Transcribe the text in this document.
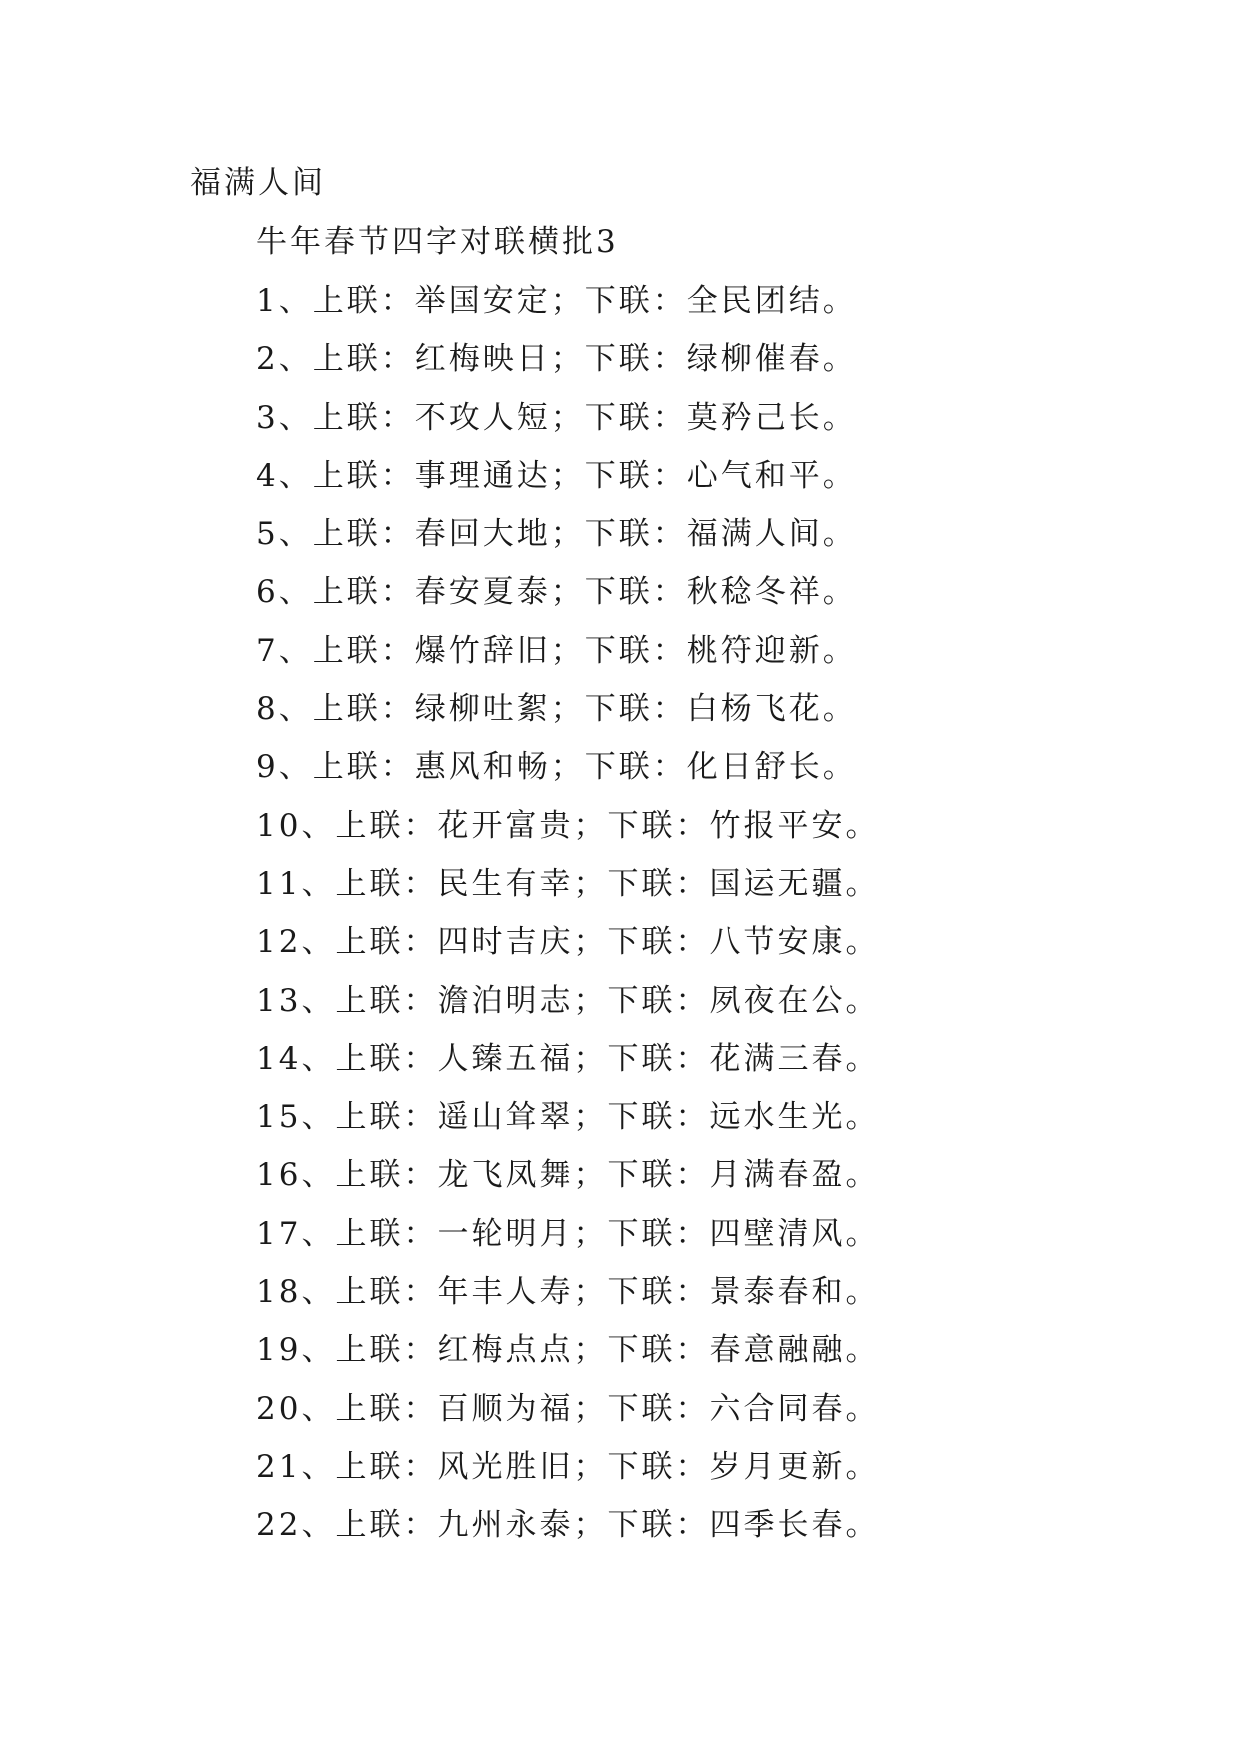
福满人间
牛年春节四字对联横批3
1、上联：举国安定；下联：全民团结。
2、上联：红梅映日；下联：绿柳催春。
3、上联：不攻人短；下联：莫矜己长。
4、上联：事理通达；下联：心气和平。
5、上联：春回大地；下联：福满人间。
6、上联：春安夏泰；下联：秋稔冬祥。
7、上联：爆竹辞旧；下联：桃符迎新。
8、上联：绿柳吐絮；下联：白杨飞花。
9、上联：惠风和畅；下联：化日舒长。
10、上联：花开富贵；下联：竹报平安。
11、上联：民生有幸；下联：国运无疆。
12、上联：四时吉庆；下联：八节安康。
13、上联：澹泊明志；下联：夙夜在公。
14、上联：人臻五福；下联：花满三春。
15、上联：遥山耸翠；下联：远水生光。
16、上联：龙飞凤舞；下联：月满春盈。
17、上联：一轮明月；下联：四壁清风。
18、上联：年丰人寿；下联：景泰春和。
19、上联：红梅点点；下联：春意融融。
20、上联：百顺为福；下联：六合同春。
21、上联：风光胜旧；下联：岁月更新。
22、上联：九州永泰；下联：四季长春。
